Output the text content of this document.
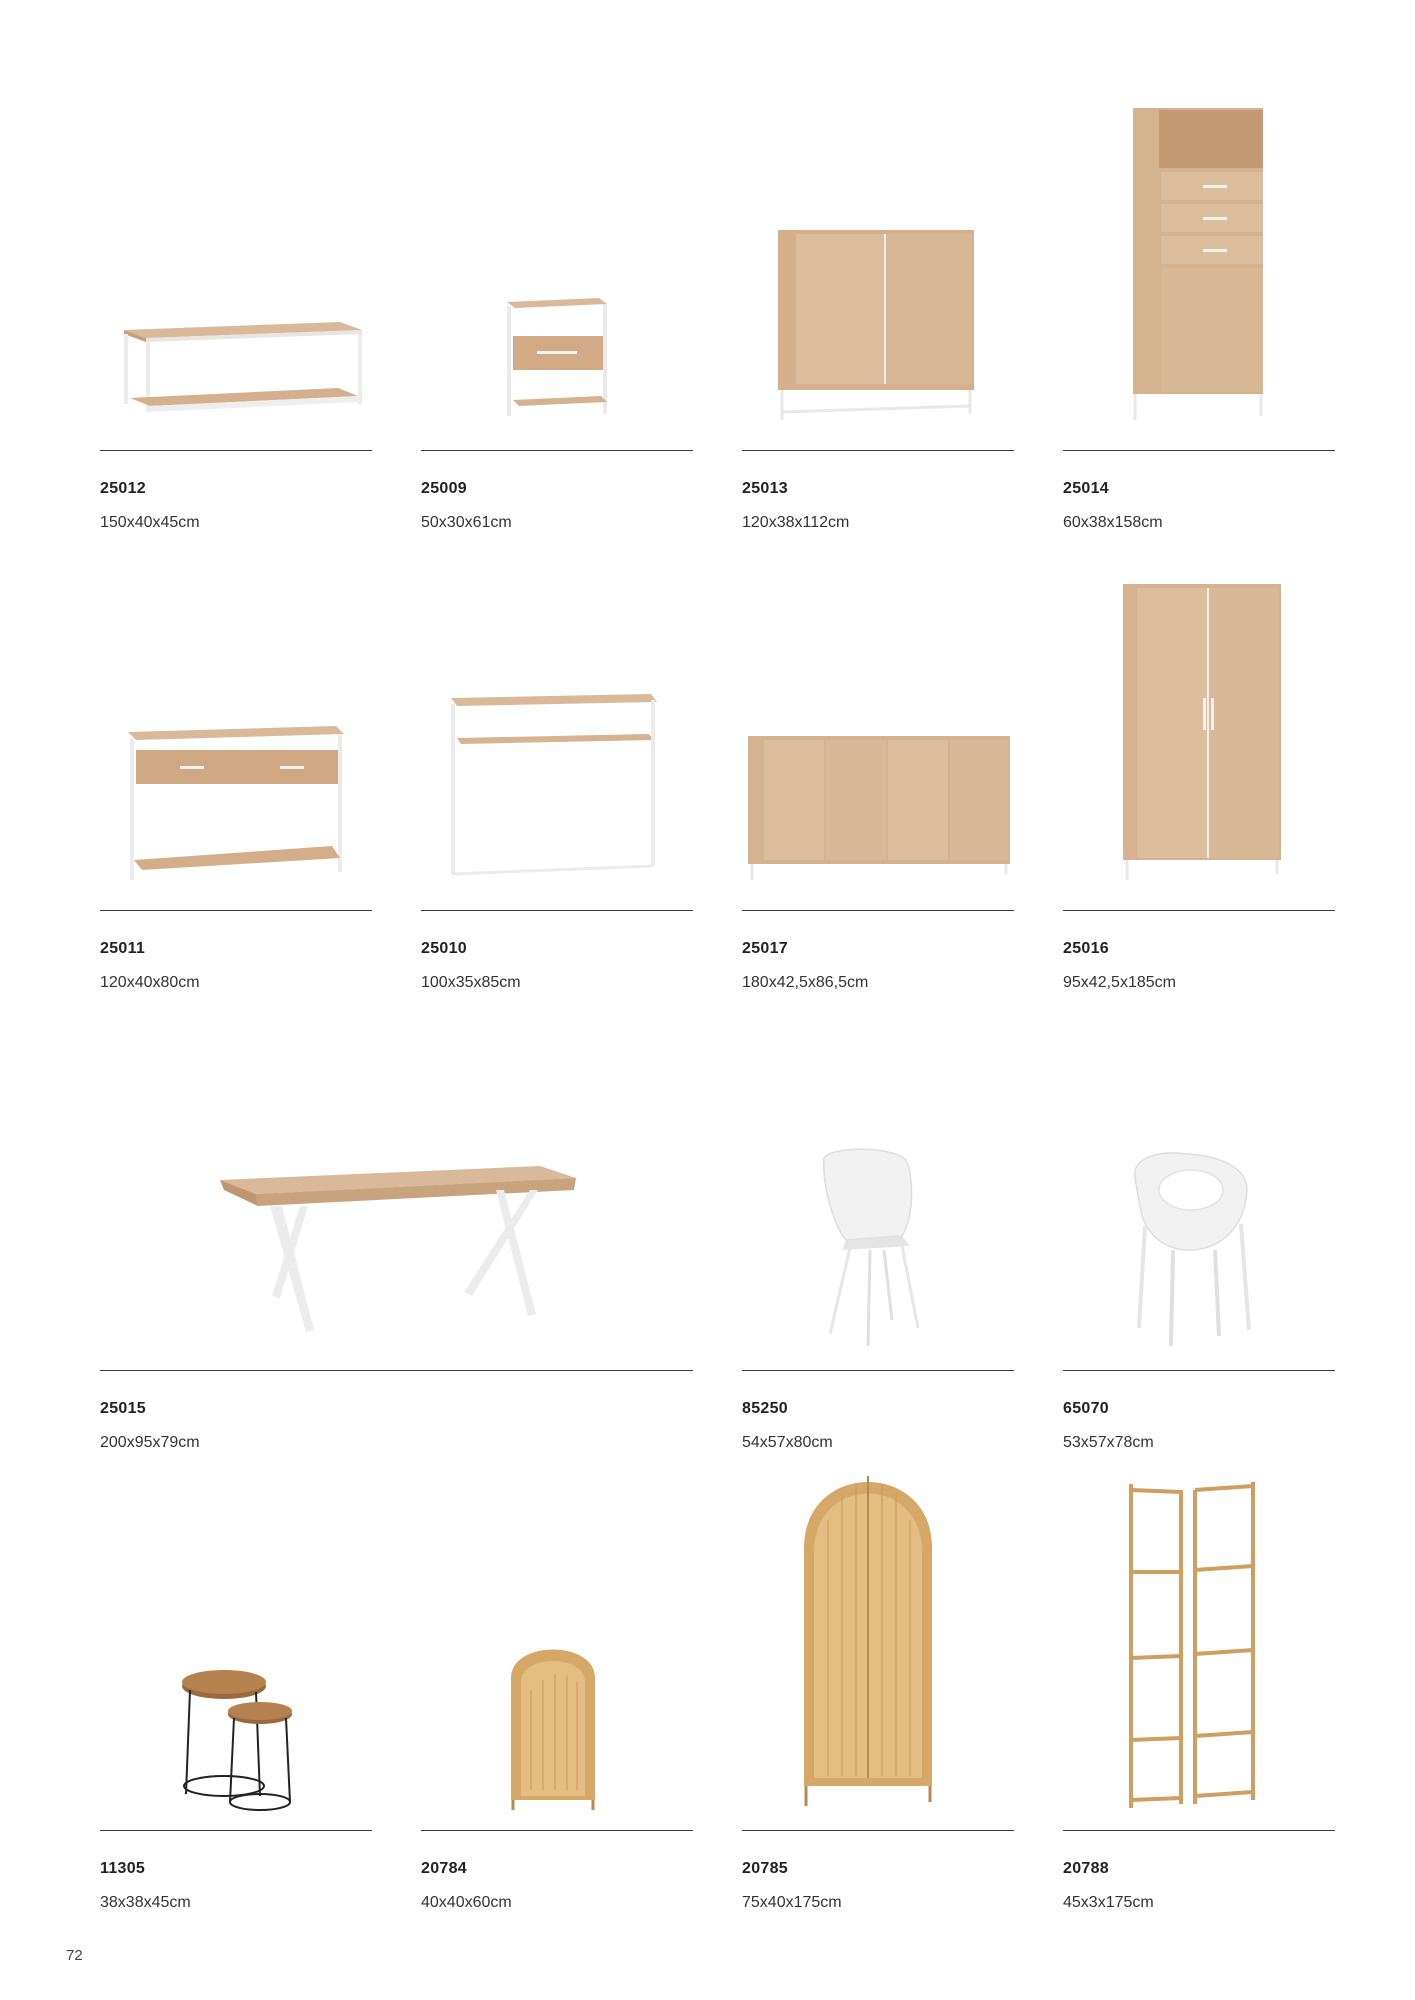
25012
150x40x45cm
25009
50x30x61cm
25013
120x38x112cm
25014
60x38x158cm
25011
120x40x80cm
25010
100x35x85cm
25017
180x42,5x86,5cm
25016
95x42,5x185cm
25015
200x95x79cm
85250
54x57x80cm
65070
53x57x78cm
11305
38x38x45cm
20784
40x40x60cm
20785
75x40x175cm
20788
45x3x175cm
72
